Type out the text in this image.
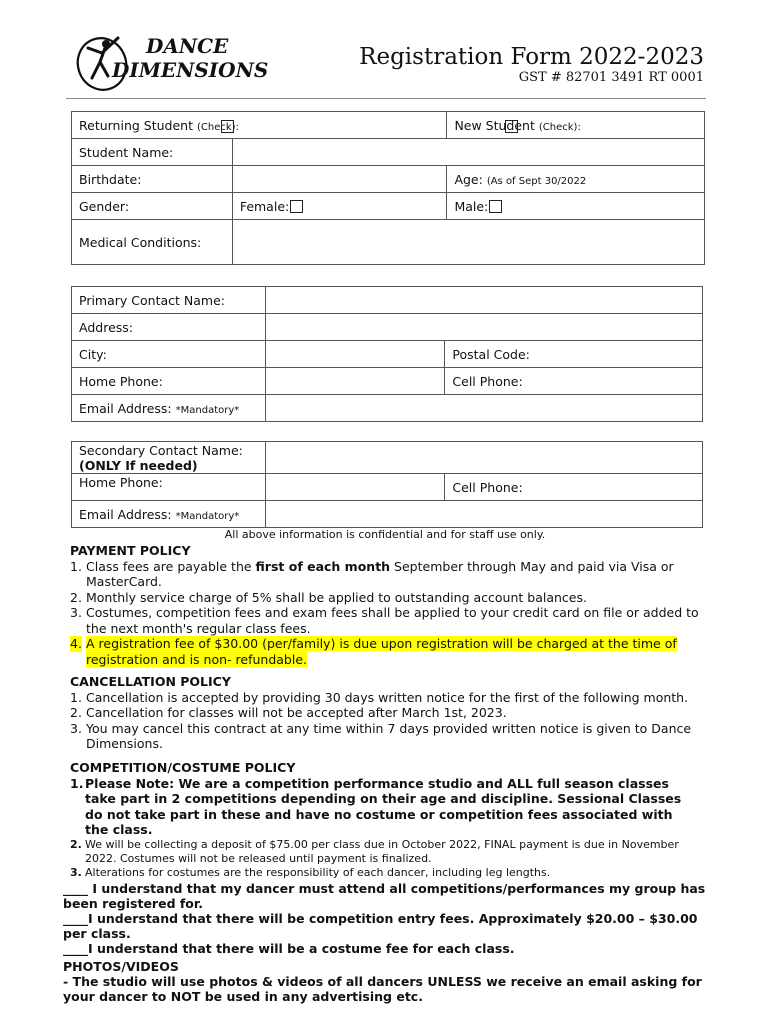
DANCE
DIMENSIONS	Registration Form 2022-2023
GST # 82701 3491 RT 0001
Returning Student (Check):		New Student (Check):

Student Name:		
Birthdate:		Age: (As of Sept 30/2022
Gender:	Female:	Male:
Medical Conditions:		
Primary Contact Name:		
Address:		
City:		Postal Code:
Home Phone:		Cell Phone:
Email Address: *Mandatory*		
Secondary Contact Name:
(ONLY If needed)		
Home Phone:		Cell Phone:
Email Address: *Mandatory*		
All above information is confidential and for staff use only.
PAYMENT POLICY
1. Class fees are payable the first of each month September through May and paid via Visa or MasterCard.
2. Monthly service charge of 5% shall be applied to outstanding account balances.
3. Costumes, competition fees and exam fees shall be applied to your credit card on file or added to the next month's regular class fees.
4. A registration fee of $30.00 (per/family) is due upon registration will be charged at the time of registration and is non- refundable.
CANCELLATION POLICY
1. Cancellation is accepted by providing 30 days written notice for the first of the following month.
2. Cancellation for classes will not be accepted after March 1st, 2023.
3. You may cancel this contract at any time within 7 days provided written notice is given to Dance Dimensions.
COMPETITION/COSTUME POLICY
1. Please Note: We are a competition performance studio and ALL full season classes take part in 2 competitions depending on their age and discipline. Sessional Classes do not take part in these and have no costume or competition fees associated with the class.
2. We will be collecting a deposit of $75.00 per class due in October 2022, FINAL payment is due in November 2022. Costumes will not be released until payment is finalized.
3. Alterations for costumes are the responsibility of each dancer, including leg lengths.
____ I understand that my dancer must attend all competitions/performances my group has been registered for.
____I understand that there will be competition entry fees. Approximately $20.00 – $30.00 per class.
____I understand that there will be a costume fee for each class.
PHOTOS/VIDEOS
- The studio will use photos & videos of all dancers UNLESS we receive an email asking for your dancer to NOT be used in any advertising etc.
